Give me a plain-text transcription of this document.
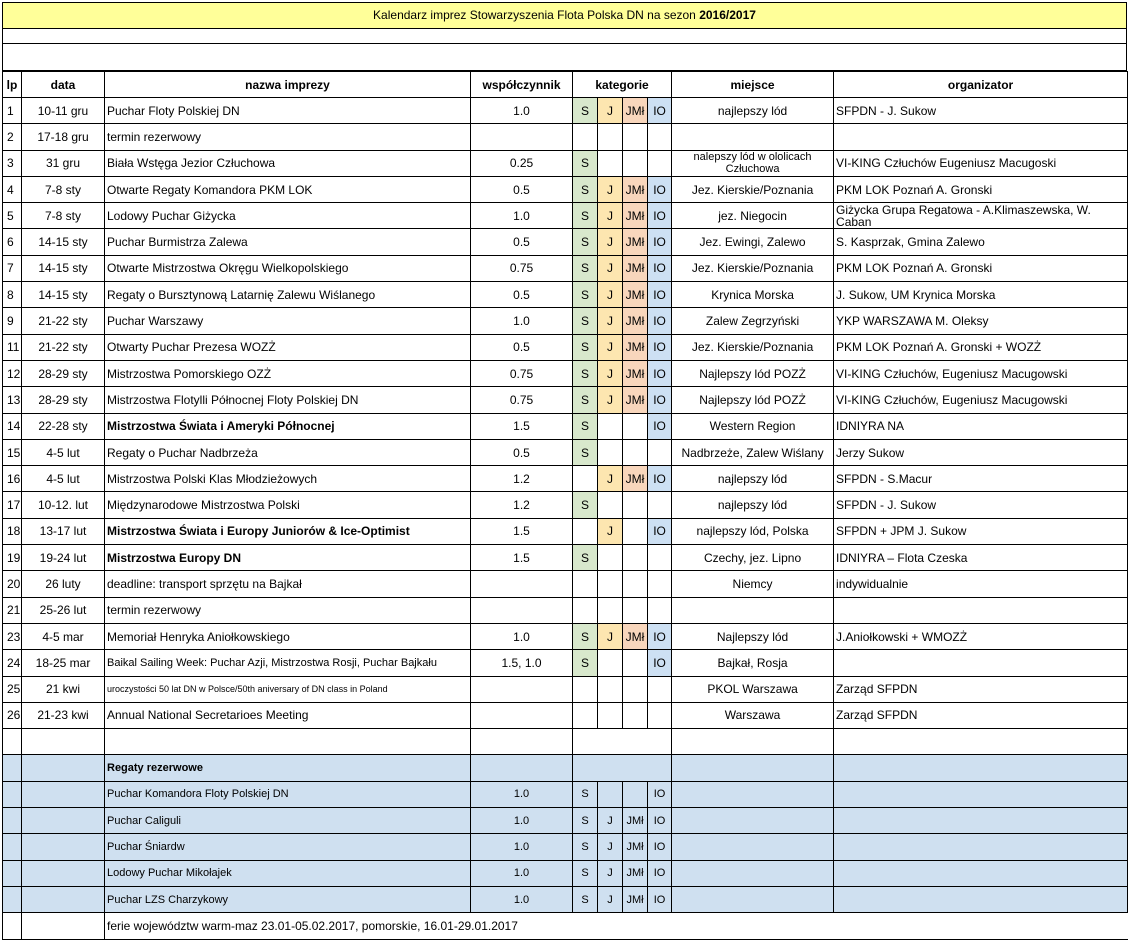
Kalendarz imprez Stowarzyszenia Flota Polska DN na sezon 2016/2017
lp	data	nazwa imprezy	współczynnik	kategorie				miejsce	organizator
1	10-11 gru	Puchar Floty Polskiej DN	1.0	S	J	JMł	IO	najlepszy lód	SFPDN - J. Sukow
2	17-18 gru	termin rezerwowy							
3	31 gru	Biała Wstęga Jezior Człuchowa	0.25	S				nalepszy lód w ololicach Człuchowa	VI-KING Człuchów Eugeniusz Macugoski
4	7-8 sty	Otwarte Regaty Komandora PKM LOK	0.5	S	J	JMł	IO	Jez. Kierskie/Poznania	PKM LOK Poznań A. Gronski
5	7-8 sty	Lodowy Puchar Giżycka	1.0	S	J	JMł	IO	jez. Niegocin	Giżycka Grupa Regatowa - A.Klimaszewska, W. Caban
6	14-15 sty	Puchar Burmistrza Zalewa	0.5	S	J	JMł	IO	Jez. Ewingi, Zalewo	S. Kasprzak, Gmina Zalewo
7	14-15 sty	Otwarte Mistrzostwa Okręgu Wielkopolskiego	0.75	S	J	JMł	IO	Jez. Kierskie/Poznania	PKM LOK Poznań A. Gronski
8	14-15 sty	Regaty o Bursztynową Latarnię Zalewu Wiślanego	0.5	S	J	JMł	IO	Krynica Morska	J. Sukow, UM Krynica Morska
9	21-22 sty	Puchar Warszawy	1.0	S	J	JMł	IO	Zalew Zegrzyński	YKP WARSZAWA M. Oleksy
11	21-22 sty	Otwarty Puchar Prezesa WOZŻ	0.5	S	J	JMł	IO	Jez. Kierskie/Poznania	PKM LOK Poznań A. Gronski + WOZŻ
12	28-29 sty	Mistrzostwa Pomorskiego OZŻ	0.75	S	J	JMł	IO	Najlepszy lód POZŻ	VI-KING Człuchów, Eugeniusz Macugowski
13	28-29 sty	Mistrzostwa Flotylli Północnej Floty Polskiej DN	0.75	S	J	JMł	IO	Najlepszy lód POZŻ	VI-KING Człuchów, Eugeniusz Macugowski
14	22-28 sty	Mistrzostwa Świata i Ameryki Północnej	1.5	S			IO	Western Region	IDNIYRA NA
15	4-5 lut	Regaty o Puchar Nadbrzeża	0.5	S				Nadbrzeże, Zalew Wiślany	Jerzy Sukow
16	4-5 lut	Mistrzostwa Polski Klas Młodzieżowych	1.2		J	JMł	IO	najlepszy lód	SFPDN - S.Macur
17	10-12. lut	Międzynarodowe Mistrzostwa Polski	1.2	S				najlepszy lód	SFPDN - J. Sukow
18	13-17 lut	Mistrzostwa Świata i Europy Juniorów & Ice-Optimist	1.5		J		IO	najlepszy lód, Polska	SFPDN + JPM J. Sukow
19	19-24 lut	Mistrzostwa Europy DN	1.5	S				Czechy, jez. Lipno	IDNIYRA – Flota Czeska
20	26 luty	deadline: transport sprzętu na Bajkał						Niemcy	indywidualnie
21	25-26 lut	termin rezerwowy							
23	4-5 mar	Memoriał Henryka Aniołkowskiego	1.0	S	J	JMł	IO	Najlepszy lód	J.Aniołkowski + WMOZŻ
24	18-25 mar	Baikal Sailing Week: Puchar Azji, Mistrzostwa Rosji, Puchar Bajkału	1.5, 1.0	S			IO	Bajkał, Rosja	
25	21 kwi	uroczystości 50 lat DN w Polsce/50th aniversary of DN class in Poland						PKOL Warszawa	Zarząd SFPDN
26	21-23 kwi	Annual National Secretarioes Meeting						Warszawa	Zarząd SFPDN

		Regaty rezerwowe							
		Puchar Komandora Floty Polskiej DN	1.0	S			IO		
		Puchar Caliguli	1.0	S	J	JMł	IO		
		Puchar Śniardw	1.0	S	J	JMł	IO		
		Lodowy Puchar Mikołajek	1.0	S	J	JMł	IO		
		Puchar LZS Charzykowy	1.0	S	J	JMł	IO		
		ferie województw warm-maz 23.01-05.02.2017, pomorskie, 16.01-29.01.2017							
